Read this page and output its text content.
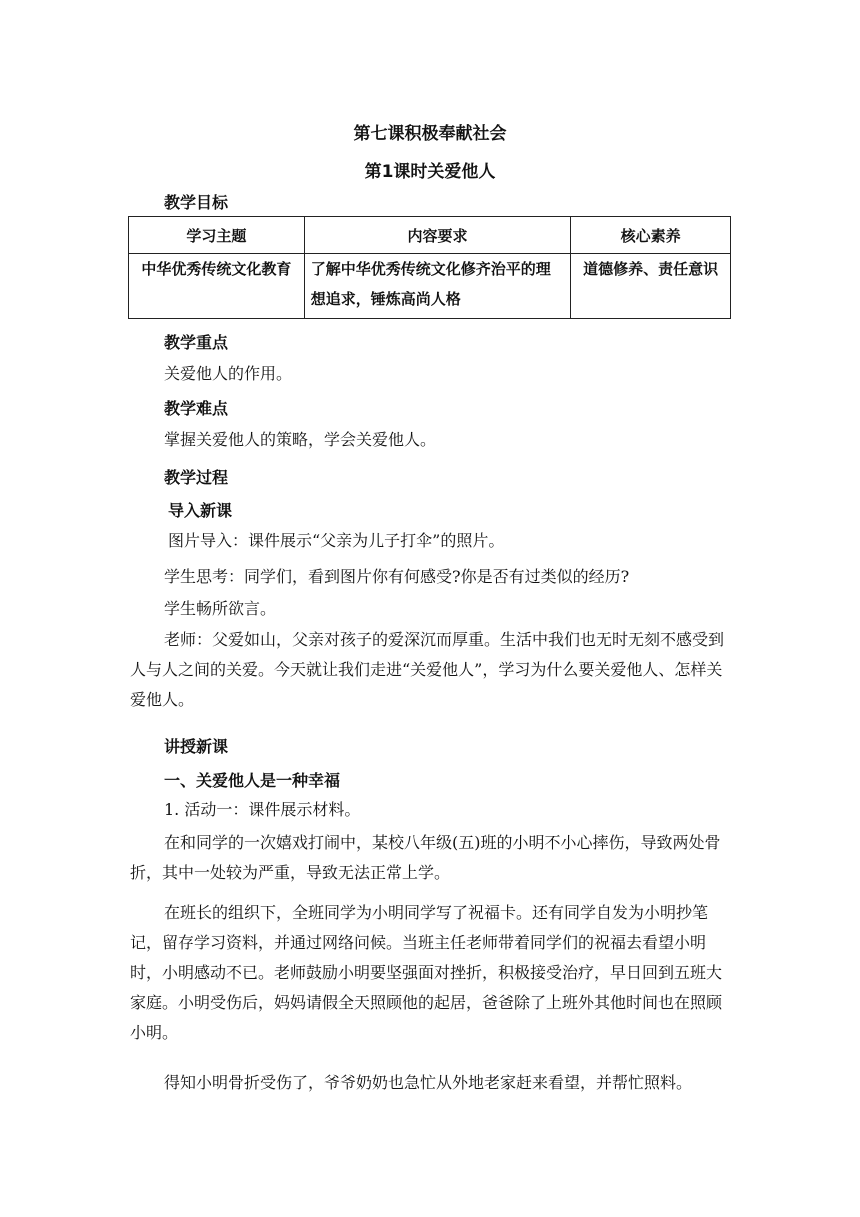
第七课积极奉献社会
第1课时关爱他人
教学目标
学习主题	内容要求	核心素养
中华优秀传统文化教育	了解中华优秀传统文化修齐治平的理想追求，锤炼高尚人格	道德修养、责任意识
教学重点
关爱他人的作用。
教学难点
掌握关爱他人的策略，学会关爱他人。
教学过程
导入新课
图片导入：课件展示“父亲为儿子打伞”的照片。
学生思考：同学们，看到图片你有何感受?你是否有过类似的经历?
学生畅所欲言。

老师：父爱如山，父亲对孩子的爱深沉而厚重。生活中我们也无时无刻不感受到人与人之间的关爱。今天就让我们走进“关爱他人”，学习为什么要关爱他人、怎样关爱他人。

讲授新课
一、关爱他人是一种幸福
1. 活动一：课件展示材料。

在和同学的一次嬉戏打闹中，某校八年级(五)班的小明不小心摔伤，导致两处骨折，其中一处较为严重，导致无法正常上学。

在班长的组织下，全班同学为小明同学写了祝福卡。还有同学自发为小明抄笔记，留存学习资料，并通过网络问候。当班主任老师带着同学们的祝福去看望小明时，小明感动不已。老师鼓励小明要坚强面对挫折，积极接受治疗，早日回到五班大家庭。小明受伤后，妈妈请假全天照顾他的起居，爸爸除了上班外其他时间也在照顾小明。

得知小明骨折受伤了，爷爷奶奶也急忙从外地老家赶来看望，并帮忙照料。
